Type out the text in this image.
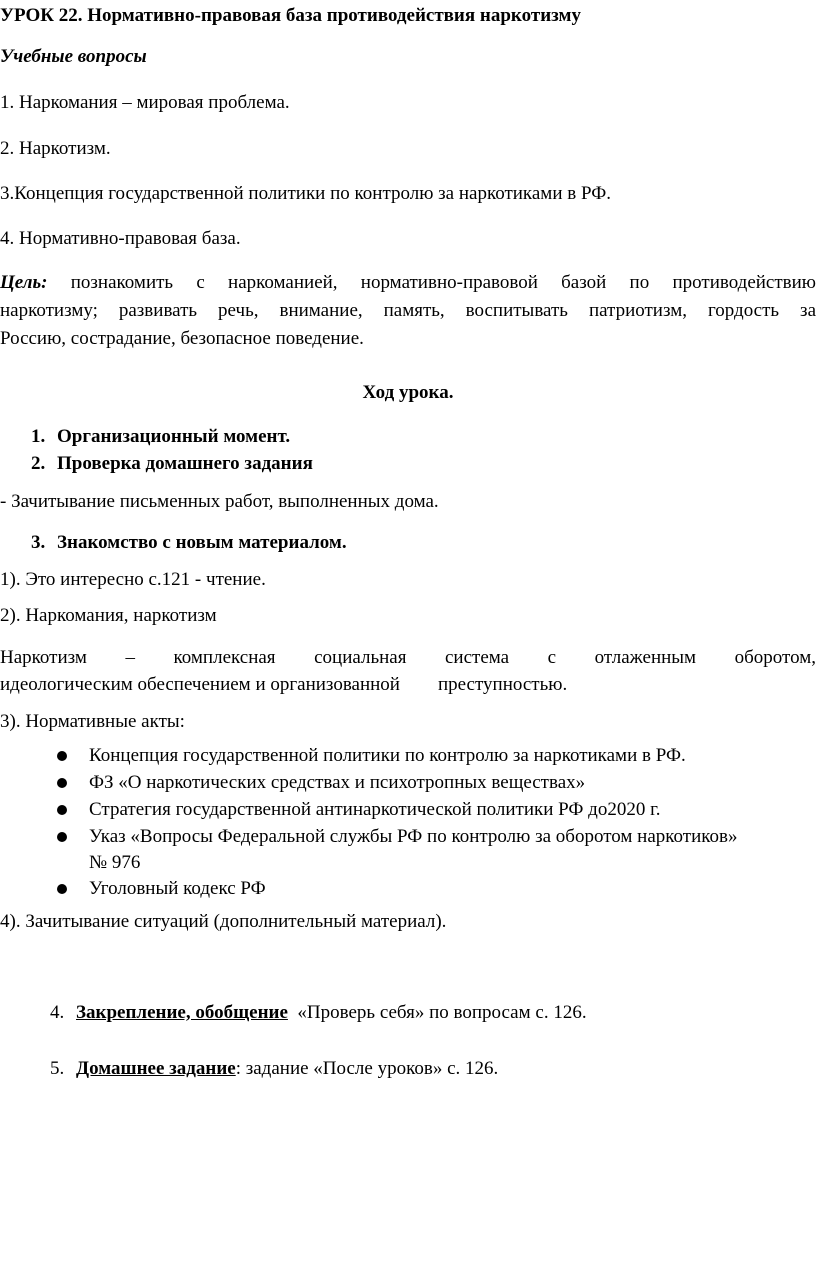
УРОК 22. Нормативно-правовая база противодействия наркотизму
Учебные вопросы
1. Наркомания – мировая проблема.
2. Наркотизм.
3.Концепция государственной политики по контролю за наркотиками в РФ.
4. Нормативно-правовая база.
Цель: познакомить с наркоманией, нормативно-правовой базой по противодействию
наркотизму; развивать речь, внимание, память, воспитывать патриотизм, гордость за
Россию, сострадание, безопасное поведение.
Ход урока.
1. Организационный момент.
2. Проверка домашнего задания
- Зачитывание письменных работ, выполненных дома.
3. Знакомство с новым материалом.
1). Это интересно с.121 - чтение.
2). Наркомания, наркотизм
Наркотизм – комплексная социальная система с отлаженным оборотом,
идеологическим обеспечением и организованной        преступностью.
3). Нормативные акты:
Концепция государственной политики по контролю за наркотиками в РФ.
ФЗ «О наркотических средствах и психотропных веществах»
Стратегия государственной антинаркотической политики РФ до2020 г.
Указ «Вопросы Федеральной службы РФ по контролю за оборотом наркотиков»
№ 976
Уголовный кодекс РФ
4). Зачитывание ситуаций (дополнительный материал).

4. Закрепление, обобщение  «Проверь себя» по вопросам с. 126.

5. Домашнее задание: задание «После уроков» с. 126.
